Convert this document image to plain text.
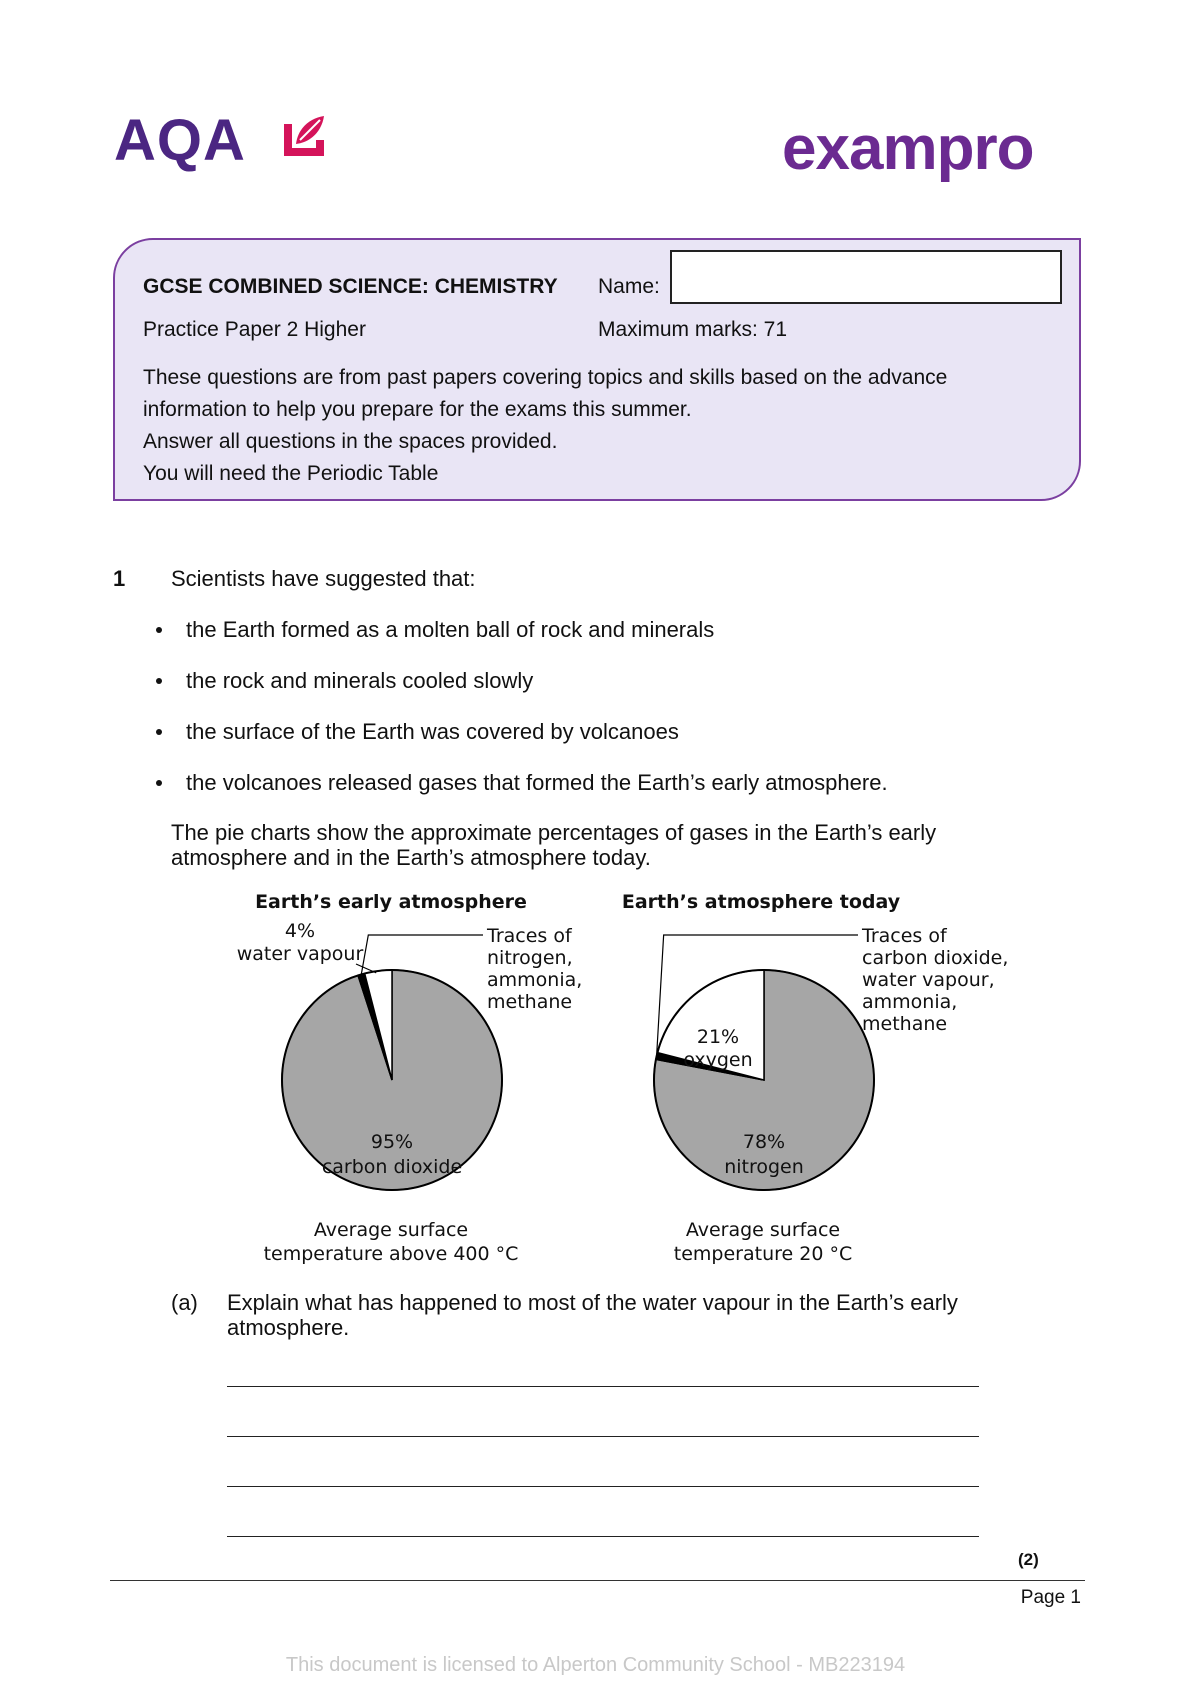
AQA	exampro
GCSE COMBINED SCIENCE: CHEMISTRY Name:
Practice Paper 2 Higher	Maximum marks: 71
These questions are from past papers covering topics and skills based on the advance
information to help you prepare for the exams this summer.
Answer all questions in the spaces provided.
You will need the Periodic Table
1 Scientists have suggested that:
the Earth formed as a molten ball of rock and minerals
the rock and minerals cooled slowly
the surface of the Earth was covered by volcanoes
the volcanoes released gases that formed the Earth’s early atmosphere.
The pie charts show the approximate percentages of gases in the Earth’s early
atmosphere and in the Earth’s atmosphere today.
Earth’s early atmosphere
95%
carbon dioxide
4%
water vapour
Traces of
nitrogen,
ammonia,
methane
Average surface
temperature above 400 °C
Earth’s atmosphere today
78%
nitrogen
21%
oxygen
Traces of
carbon dioxide,
water vapour,
ammonia,
methane
Average surface
temperature 20 °C
(a) Explain what has happened to most of the water vapour in the Earth’s early
atmosphere.
(2)
Page 1
This document is licensed to Alperton Community School - MB223194
